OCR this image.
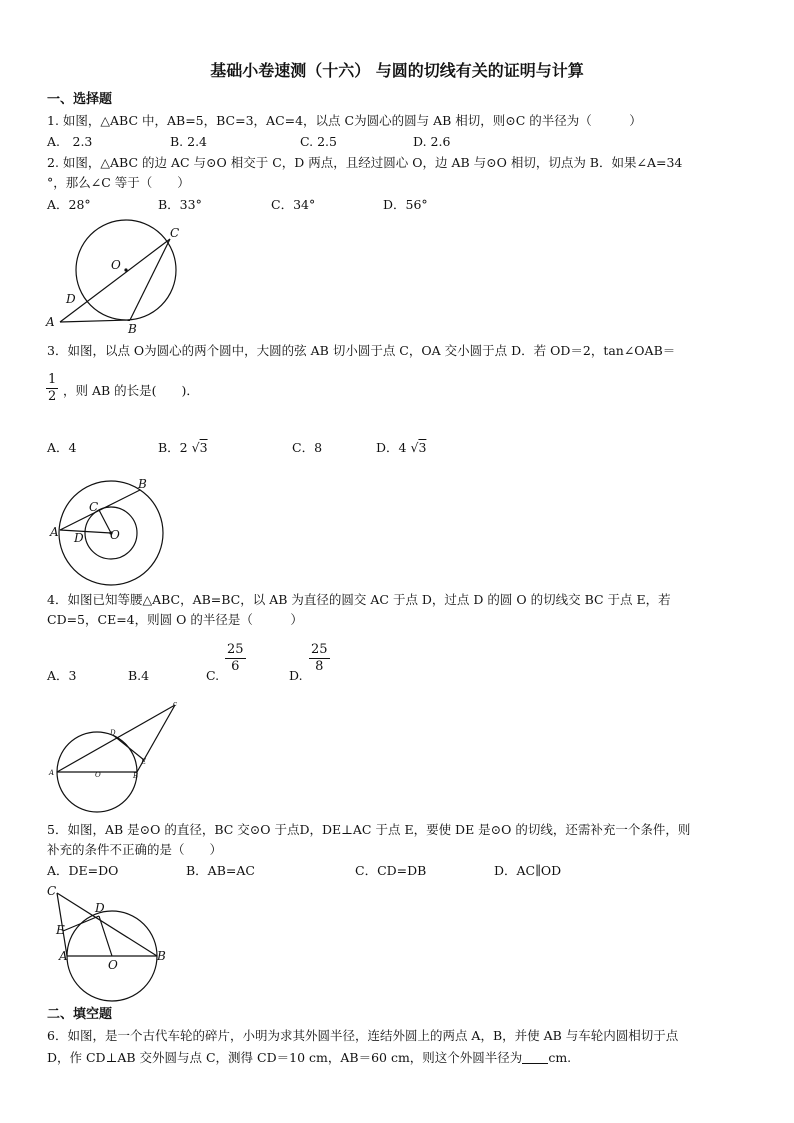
基础小卷速测（十六） 与圆的切线有关的证明与计算
一、选择题
1. 如图，△ABC 中，AB=5，BC=3，AC=4，以点 C为圆心的圆与 AB 相切，则⊙C 的半径为（　　　）
A.　2.3	B. 2.4	C. 2.5	D. 2.6
2. 如图，△ABC 的边 AC 与⊙O 相交于 C，D 两点，且经过圆心 O，边 AB 与⊙O 相切，切点为 B．如果∠A=34
°，那么∠C 等于（　　）
A．28°	B．33°	C．34°	D．56°
C
O
D
A	B
3．如图，以点 O为圆心的两个圆中，大圆的弦 AB 切小圆于点 C，OA 交小圆于点 D．若 OD＝2，tan∠OAB＝
$\frac{1}{2}$ ，则 AB 的长是(　　)．
A．4	B．2 √3	C．8	D．4 √3
B
C
A D O
4．如图已知等腰△ABC，AB=BC，以 AB 为直径的圆交 AC 于点 D，过点 D 的圆 O 的切线交 BC 于点 E，若
CD=5，CE=4，则圆 O 的半径是（　　　）
A．3	B.4	C.
$\frac{25}{6}$
D.
$\frac{25}{8}$
c
D
E
B
O
A
5．如图，AB 是⊙O 的直径，BC 交⊙O 于点D，DE⊥AC 于点 E，要使 DE 是⊙O 的切线，还需补充一个条件，则
补充的条件不正确的是（　　）
A．DE=DO	B．AB=AC	C．CD=DB	D．AC∥OD
C
D
E
A
O
B
二、填空题
6．如图，是一个古代车轮的碎片，小明为求其外圆半径，连结外圆上的两点 A，B，并使 AB 与车轮内圆相切于点
D，作 CD⊥AB 交外圆与点 C，测得 CD＝10 cm，AB＝60 cm，则这个外圆半径为 cm.
